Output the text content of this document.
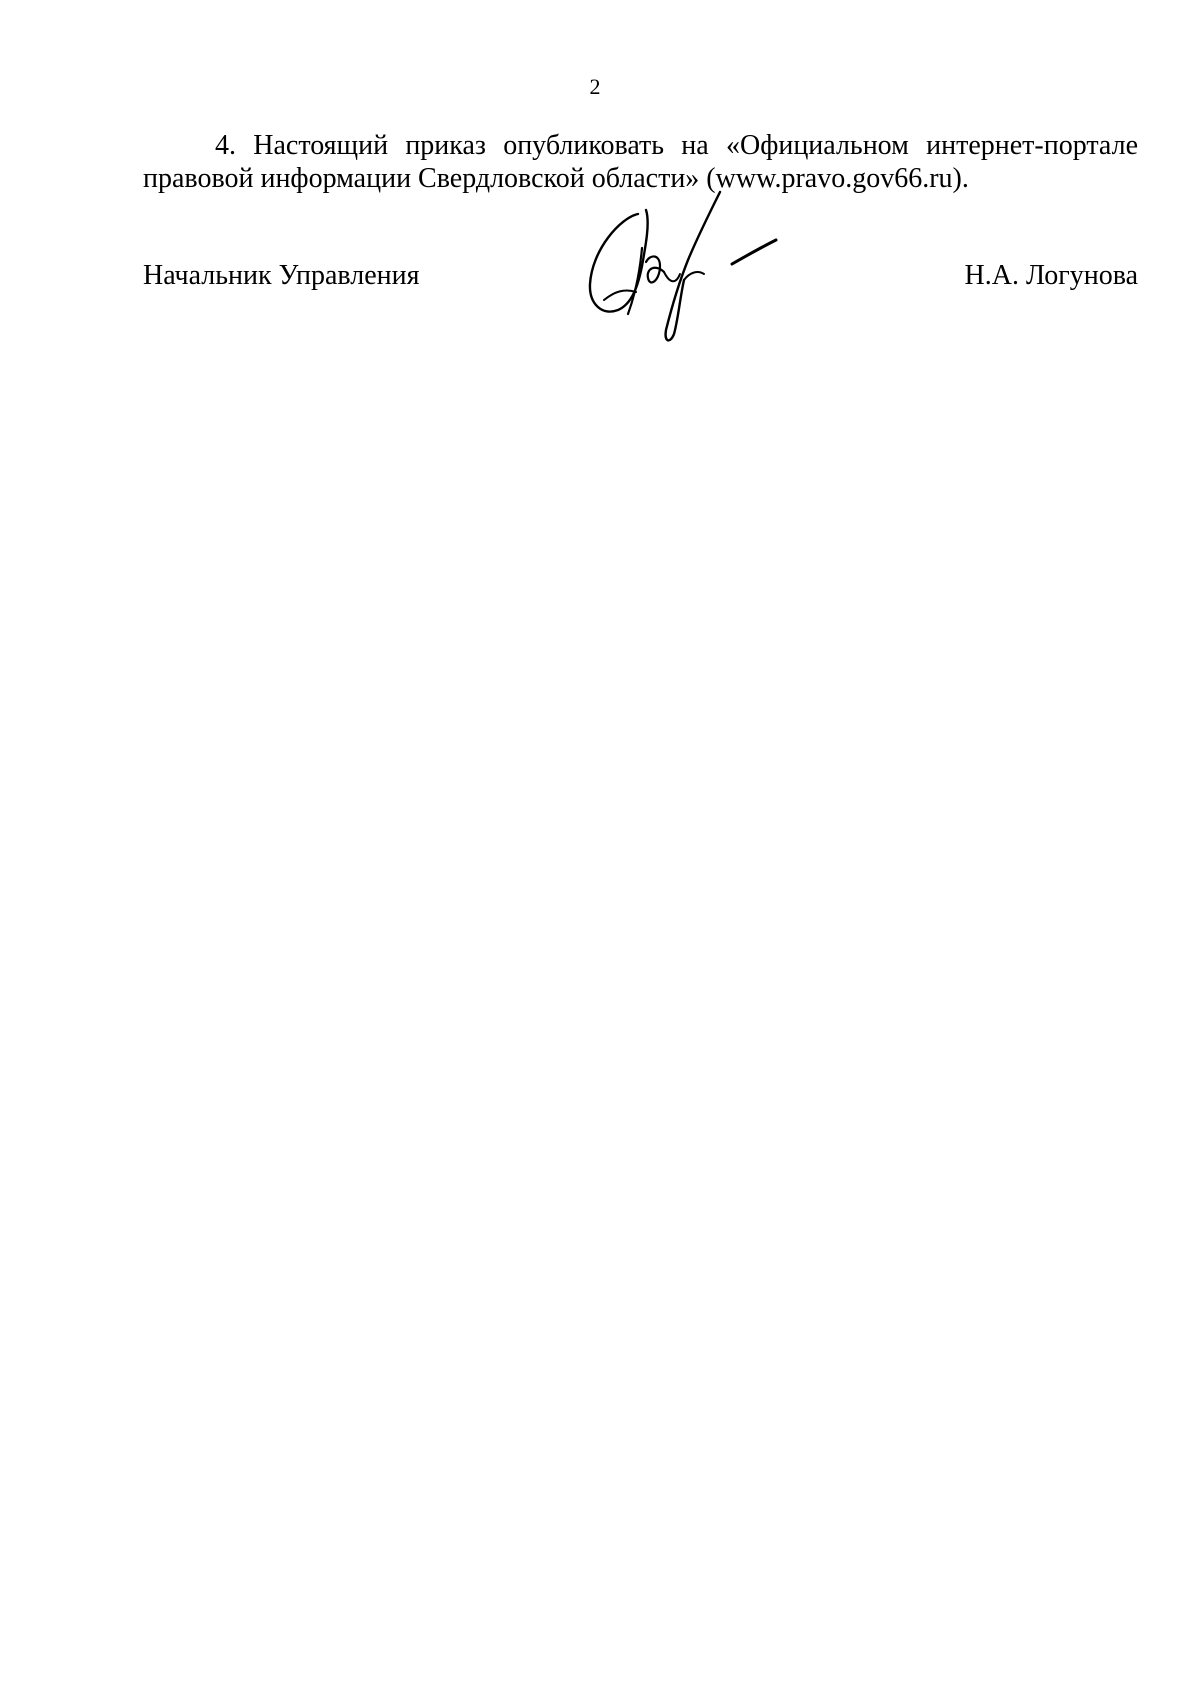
2

4. Настоящий приказ опубликовать на «Официальном интернет-портале правовой информации Свердловской области» (www.pravo.gov66.ru).

Начальник Управления	Н.А. Логунова
